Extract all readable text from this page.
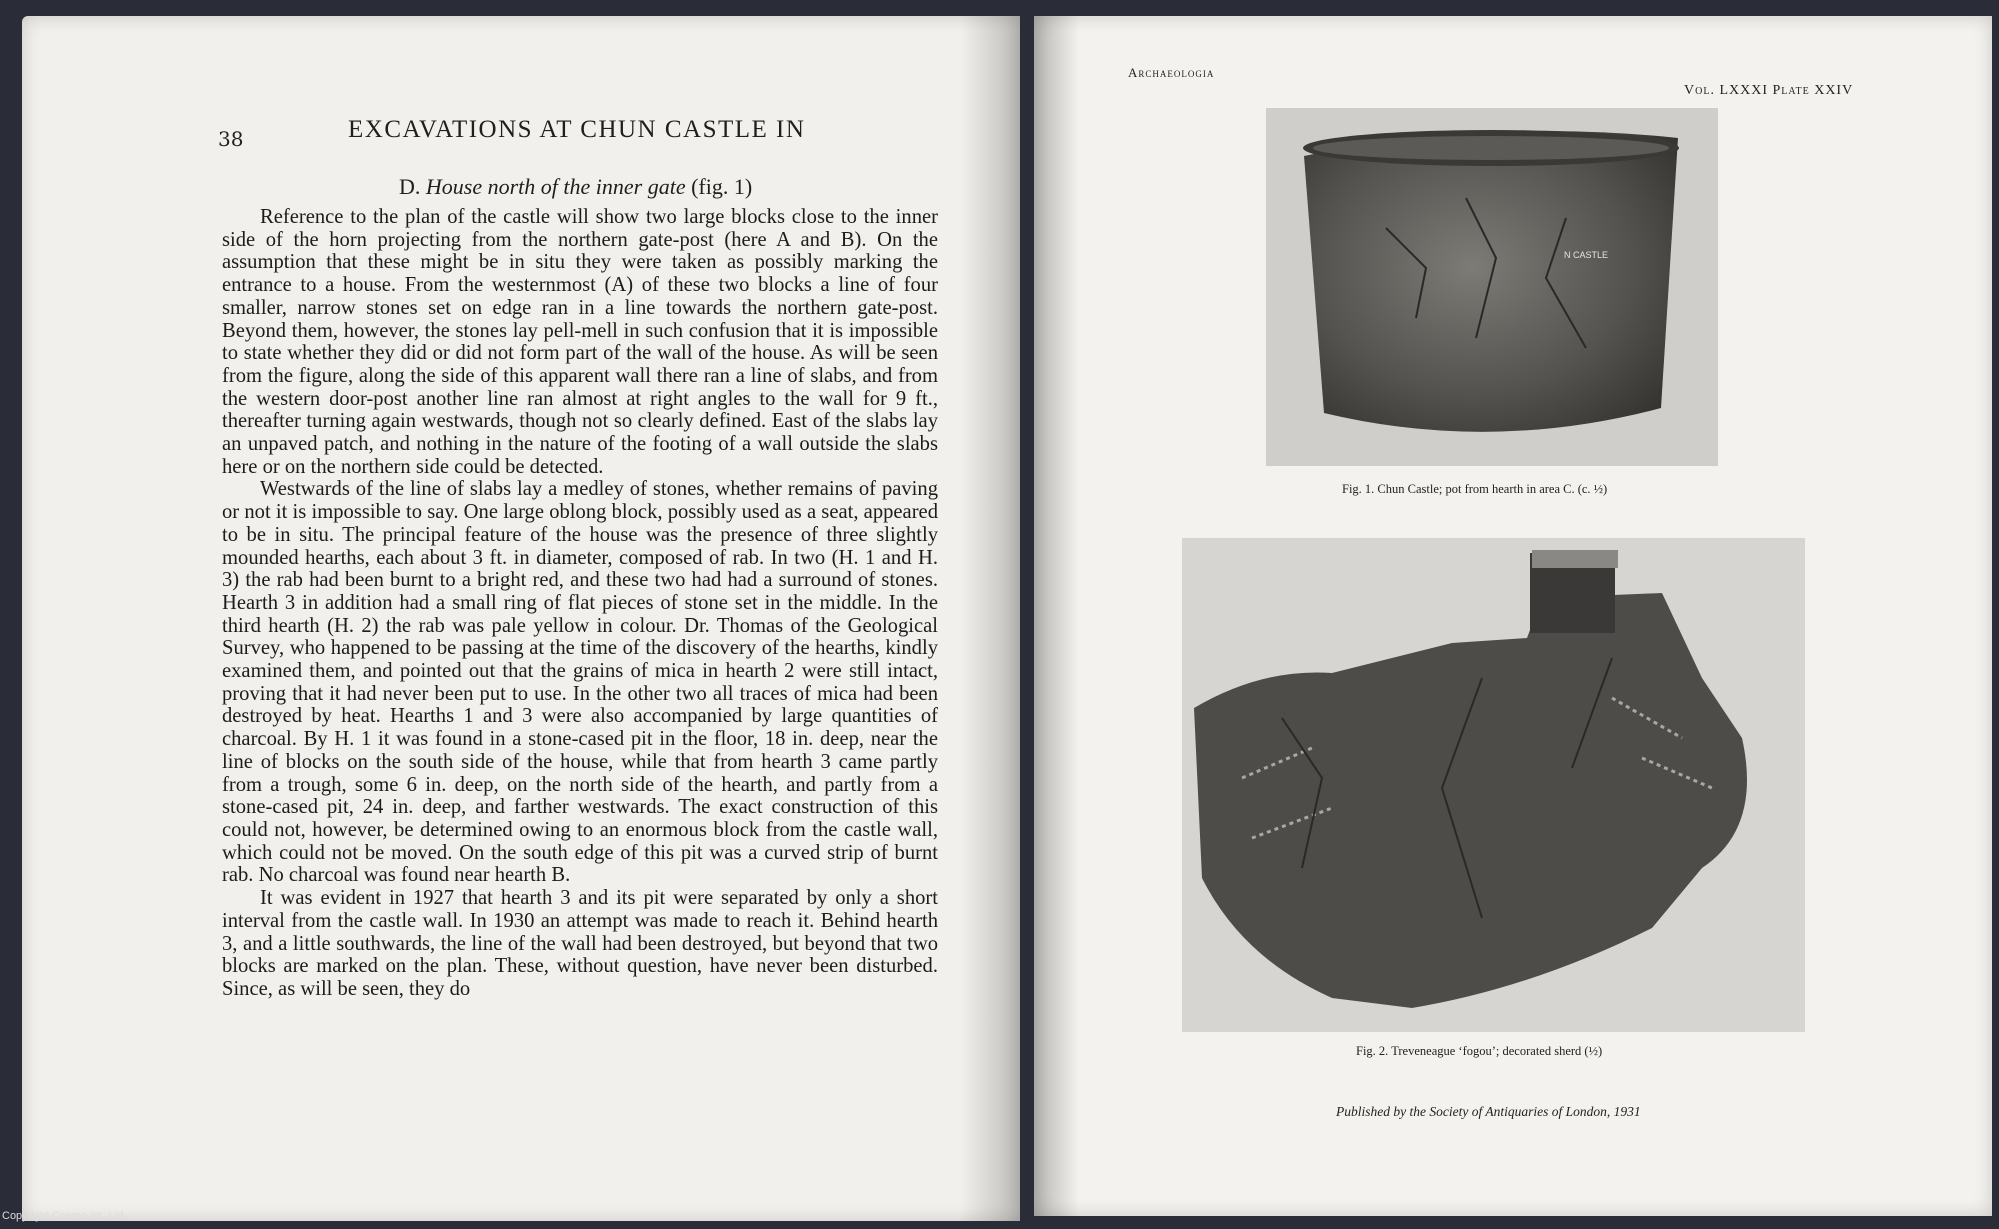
38	EXCAVATIONS AT CHUN CASTLE IN
D. House north of the inner gate (fig. 1)

Reference to the plan of the castle will show two large blocks close to the inner side of the horn projecting from the northern gate-post (here A and B). On the assumption that these might be in situ they were taken as possibly marking the entrance to a house. From the westernmost (A) of these two blocks a line of four smaller, narrow stones set on edge ran in a line towards the northern gate-post. Beyond them, however, the stones lay pell-mell in such confusion that it is impossible to state whether they did or did not form part of the wall of the house. As will be seen from the figure, along the side of this apparent wall there ran a line of slabs, and from the western door-post another line ran almost at right angles to the wall for 9 ft., thereafter turning again westwards, though not so clearly defined. East of the slabs lay an unpaved patch, and nothing in the nature of the footing of a wall outside the slabs here or on the northern side could be detected.

Westwards of the line of slabs lay a medley of stones, whether remains of paving or not it is impossible to say. One large oblong block, possibly used as a seat, appeared to be in situ. The principal feature of the house was the presence of three slightly mounded hearths, each about 3 ft. in diameter, composed of rab. In two (H. 1 and H. 3) the rab had been burnt to a bright red, and these two had had a surround of stones. Hearth 3 in addition had a small ring of flat pieces of stone set in the middle. In the third hearth (H. 2) the rab was pale yellow in colour. Dr. Thomas of the Geological Survey, who happened to be passing at the time of the discovery of the hearths, kindly examined them, and pointed out that the grains of mica in hearth 2 were still intact, proving that it had never been put to use. In the other two all traces of mica had been destroyed by heat. Hearths 1 and 3 were also accompanied by large quantities of charcoal. By H. 1 it was found in a stone-cased pit in the floor, 18 in. deep, near the line of blocks on the south side of the house, while that from hearth 3 came partly from a trough, some 6 in. deep, on the north side of the hearth, and partly from a stone-cased pit, 24 in. deep, and farther westwards. The exact construction of this could not, however, be determined owing to an enormous block from the castle wall, which could not be moved. On the south edge of this pit was a curved strip of burnt rab. No charcoal was found near hearth B.

It was evident in 1927 that hearth 3 and its pit were separated by only a short interval from the castle wall. In 1930 an attempt was made to reach it. Behind hearth 3, and a little southwards, the line of the wall had been destroyed, but beyond that two blocks are marked on the plan. These, without question, have never been disturbed. Since, as will be seen, they do

Archaeologia
Vol. LXXXI Plate XXIV
N CASTLE
Fig. 1. Chun Castle; pot from hearth in area C. (c. ½)
Fig. 2. Treveneague ‘fogou’; decorated sherd (½)
Published by the Society of Antiquaries of London, 1931
Copyright Cosmo Int. Ltd
